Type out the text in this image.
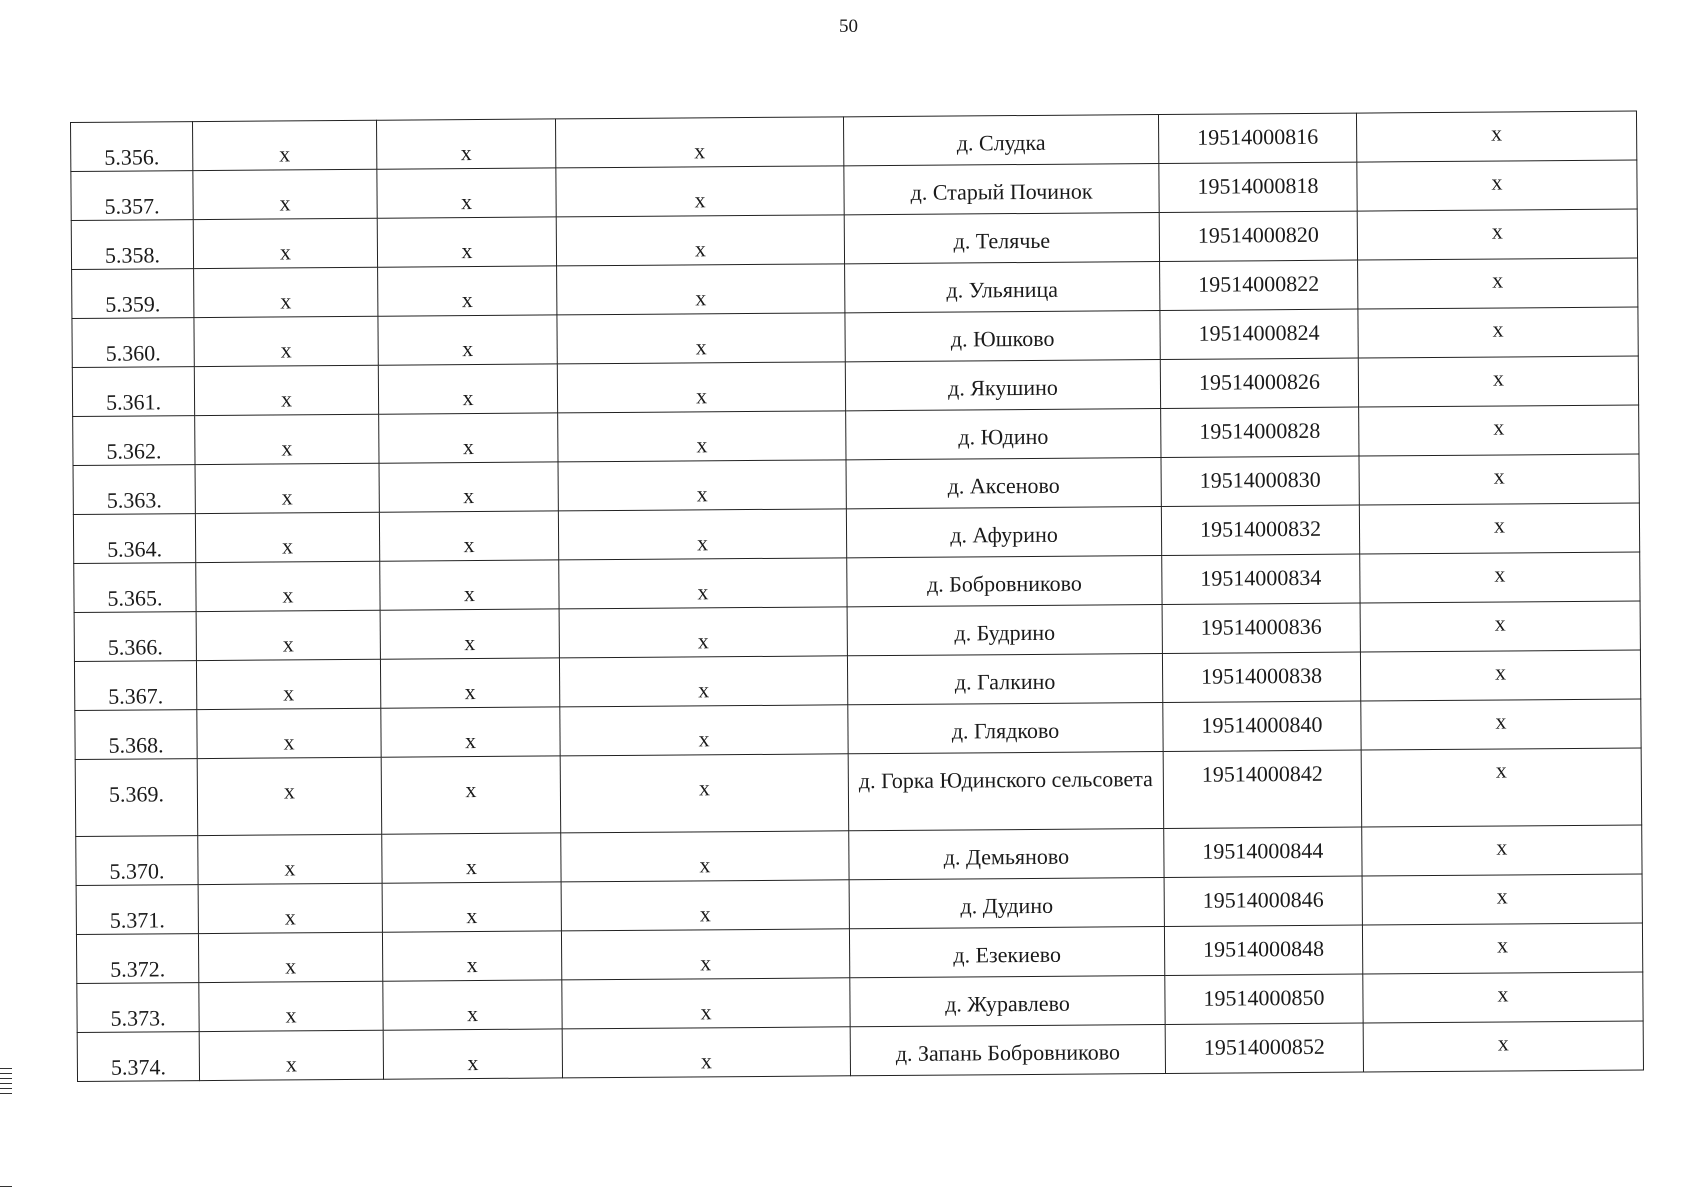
50
5.356.	x	x	x	д. Слудка	19514000816	x

5.357.	x	x	x	д. Старый Починок	19514000818	x

5.358.	x	x	x	д. Телячье	19514000820	x

5.359.	x	x	x	д. Ульяница	19514000822	x

5.360.	x	x	x	д. Юшково	19514000824	x

5.361.	x	x	x	д. Якушино	19514000826	x

5.362.	x	x	x	д. Юдино	19514000828	x

5.363.	x	x	x	д. Аксеново	19514000830	x

5.364.	x	x	x	д. Афурино	19514000832	x

5.365.	x	x	x	д. Бобровниково	19514000834	x

5.366.	x	x	x	д. Будрино	19514000836	x

5.367.	x	x	x	д. Галкино	19514000838	x

5.368.	x	x	x	д. Глядково	19514000840	x

5.369.	x	x	x	д. Горка Юдинского сельсовета	19514000842	x

5.370.	x	x	x	д. Демьяново	19514000844	x

5.371.	x	x	x	д. Дудино	19514000846	x

5.372.	x	x	x	д. Езекиево	19514000848	x

5.373.	x	x	x	д. Журавлево	19514000850	x

5.374.	x	x	x	д. Запань Бобровниково	19514000852	x
